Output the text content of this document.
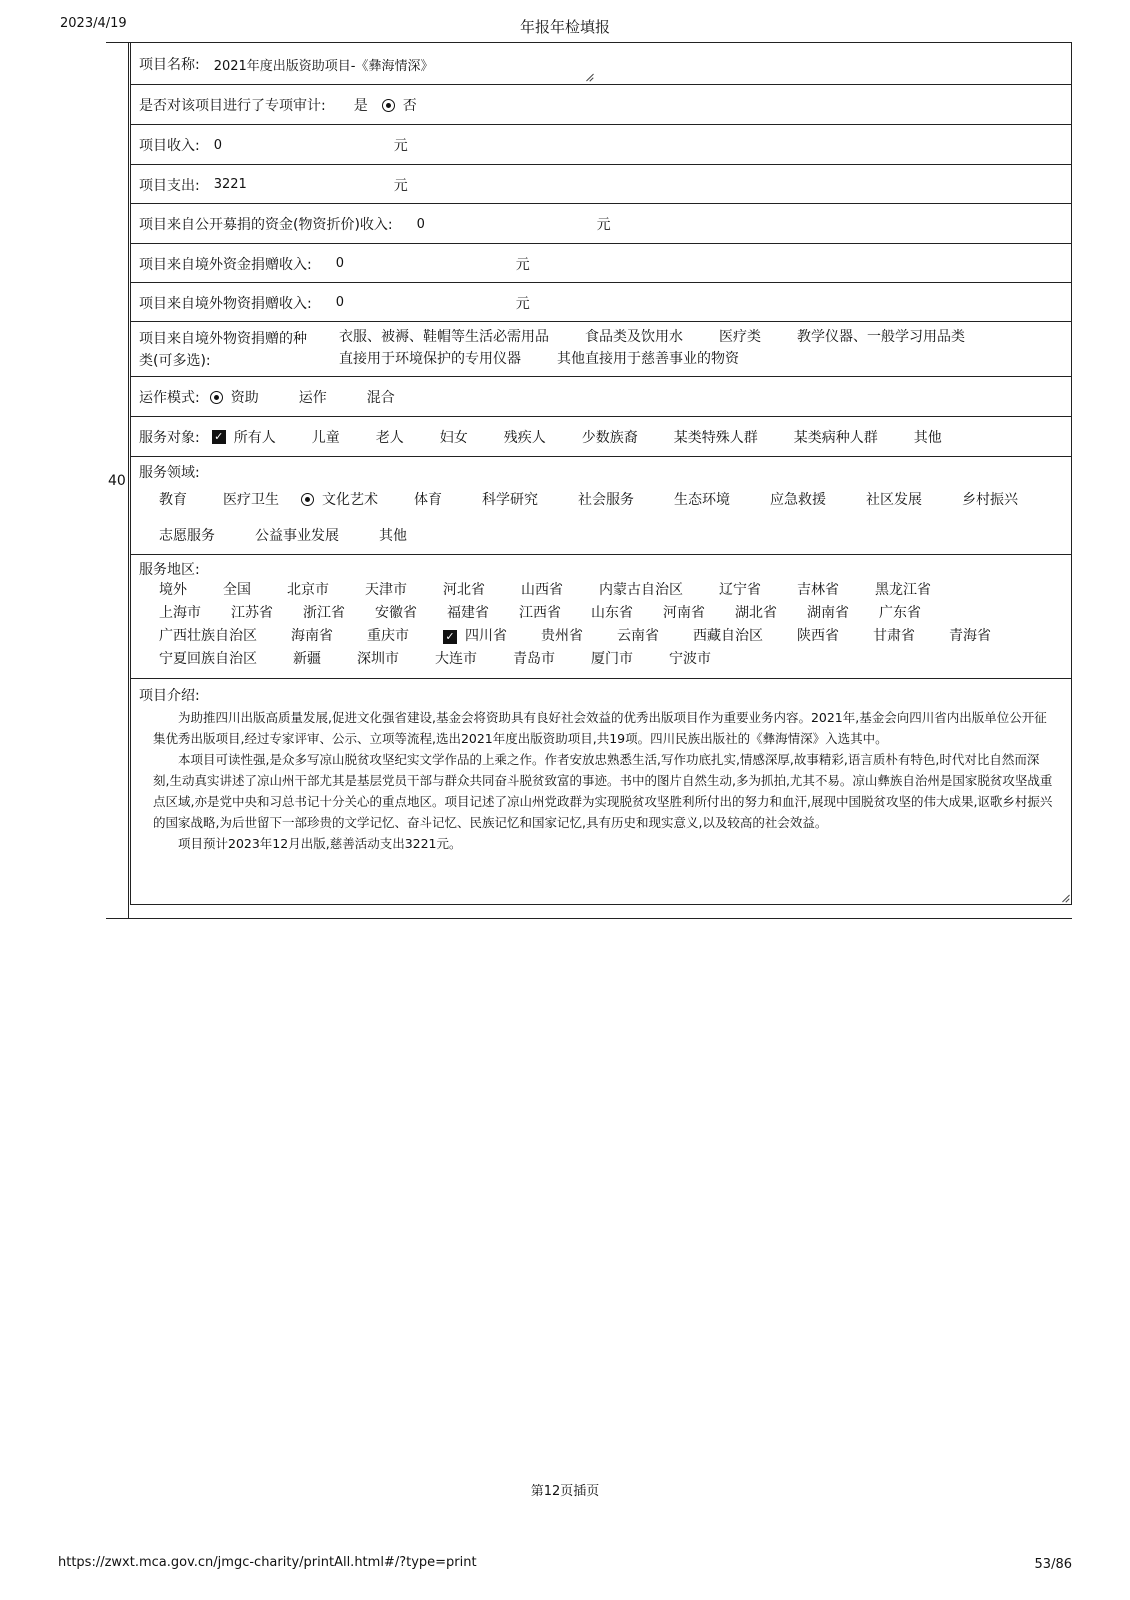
2023/4/19	年报年检填报
40
项目名称: 2021年度出版资助项目-《彝海情深》
是否对该项目进行了专项审计: 是	否
项目收入: 0	元
项目支出: 3221	元
项目来自公开募捐的资金(物资折价)收入: 0	元
项目来自境外资金捐赠收入: 0	元
项目来自境外物资捐赠收入: 0	元
项目来自境外物资捐赠的种
类(可多选):
衣服、被褥、鞋帽等生活必需用品	食品类及饮用水	医疗类	教学仪器、一般学习用品类
直接用于环境保护的专用仪器	其他直接用于慈善事业的物资
运作模式: 资助	运作	混合
服务对象: ✓ 所有人	儿童	老人	妇女	残疾人	少数族裔	某类特殊人群	某类病种人群	其他
服务领域:
教育	医疗卫生	文化艺术	体育	科学研究	社会服务	生态环境	应急救援	社区发展	乡村振兴
志愿服务	公益事业发展	其他
服务地区:
境外	全国	北京市	天津市	河北省	山西省	内蒙古自治区	辽宁省	吉林省	黑龙江省
上海市 江苏省 浙江省 安徽省 福建省 江西省 山东省 河南省 湖北省 湖南省 广东省
广西壮族自治区 海南省 重庆市	✓ 四川省 贵州省 云南省 西藏自治区 陕西省 甘肃省 青海省
宁夏回族自治区	新疆	深圳市	大连市	青岛市	厦门市	宁波市
项目介绍:

为助推四川出版高质量发展,促进文化强省建设,基金会将资助具有良好社会效益的优秀出版项目作为重要业务内容。2021年,基金会向四川省内出版单位公开征集优秀出版项目,经过专家评审、公示、立项等流程,选出2021年度出版资助项目,共19项。四川民族出版社的《彝海情深》入选其中。

本项目可读性强,是众多写凉山脱贫攻坚纪实文学作品的上乘之作。作者安放忠熟悉生活,写作功底扎实,情感深厚,故事精彩,语言质朴有特色,时代对比自然而深刻,生动真实讲述了凉山州干部尤其是基层党员干部与群众共同奋斗脱贫致富的事迹。书中的图片自然生动,多为抓拍,尤其不易。凉山彝族自治州是国家脱贫攻坚战重点区域,亦是党中央和习总书记十分关心的重点地区。项目记述了凉山州党政群为实现脱贫攻坚胜利所付出的努力和血汗,展现中国脱贫攻坚的伟大成果,讴歌乡村振兴的国家战略,为后世留下一部珍贵的文学记忆、奋斗记忆、民族记忆和国家记忆,具有历史和现实意义,以及较高的社会效益。

项目预计2023年12月出版,慈善活动支出3221元。

第12页插页
https://zwxt.mca.gov.cn/jmgc-charity/printAll.html#/?type=print	53/86
